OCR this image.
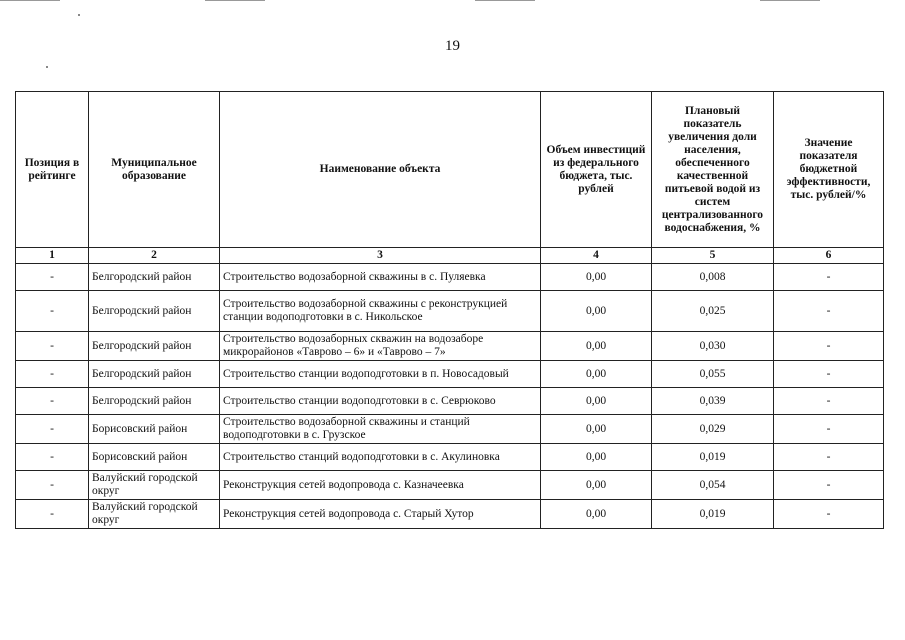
19
Позиция в рейтинге	Муниципальное образование	Наименование объекта	Объем инвестиций из федерального бюджета, тыс. рублей	Плановый показатель увеличения доли населения, обеспеченного качественной питьевой водой из систем централизованного водоснабжения, %	Значение показателя бюджетной эффективности, тыс. рублей/%
1	2	3	4	5	6
-	Белгородский район	Строительство водозаборной скважины в с. Пуляевка	0,00	0,008	-
-	Белгородский район	Строительство водозаборной скважины с реконструкцией станции водоподготовки в с. Никольское	0,00	0,025	-
-	Белгородский район	Строительство водозаборных скважин на водозаборе микрорайонов «Таврово – 6» и «Таврово – 7»	0,00	0,030	-
-	Белгородский район	Строительство станции водоподготовки в п. Новосадовый	0,00	0,055	-
-	Белгородский район	Строительство станции водоподготовки в с. Севрюково	0,00	0,039	-
-	Борисовский район	Строительство водозаборной скважины и станций водоподготовки в с. Грузское	0,00	0,029	-
-	Борисовский район	Строительство станций водоподготовки в с. Акулиновка	0,00	0,019	-
-	Валуйский городской округ	Реконструкция сетей водопровода с. Казначеевка	0,00	0,054	-
-	Валуйский городской округ	Реконструкция сетей водопровода с. Старый Хутор	0,00	0,019	-
